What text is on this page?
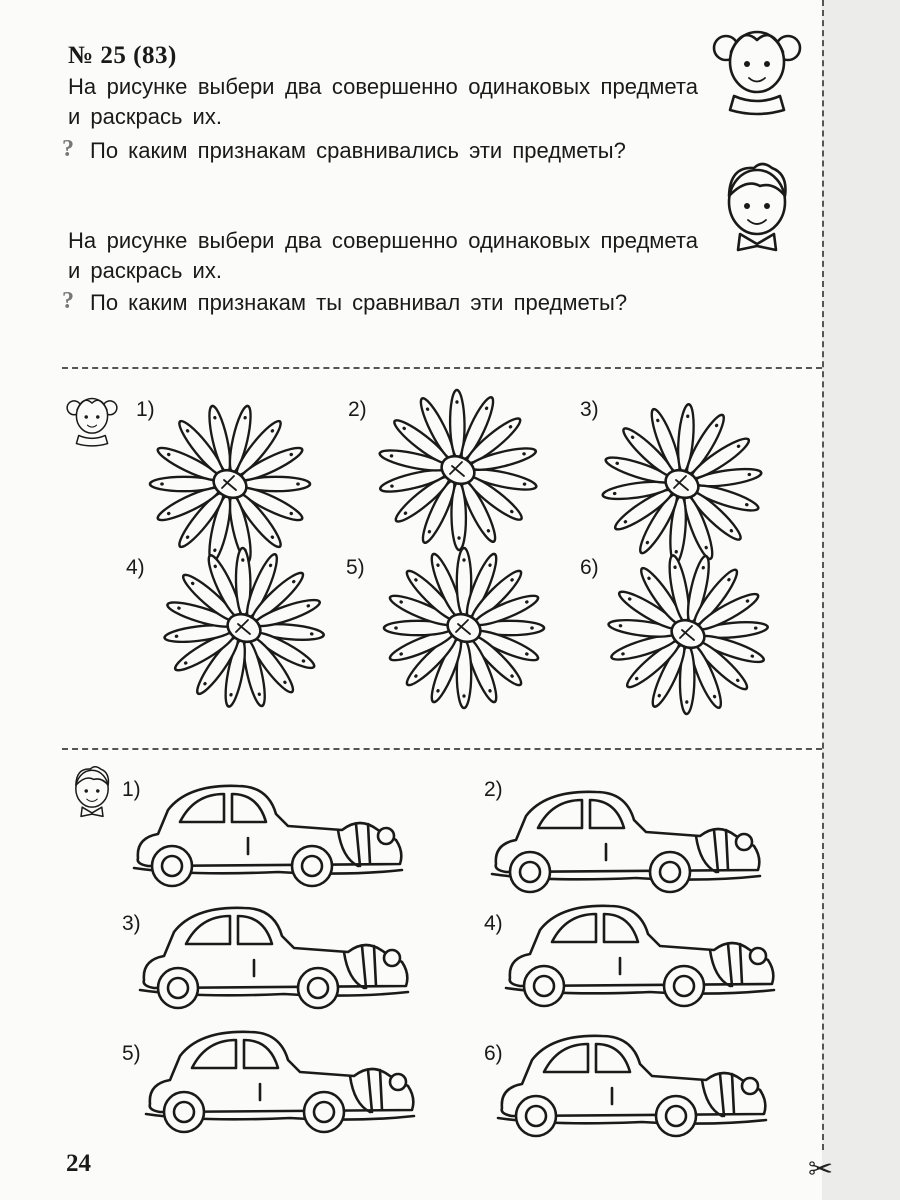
№ 25 (83)
На рисунке выбери два совершенно одинаковых предмета и раскрась их.
? По каким признакам сравнивались эти предметы?
На рисунке выбери два совершенно одинаковых предмета и раскрась их.
? По каким признакам ты сравнивал эти предметы?
1)	2)	3)
4)	5)	6)
1)	2)
3)	4)
5)	6)
24	✂
